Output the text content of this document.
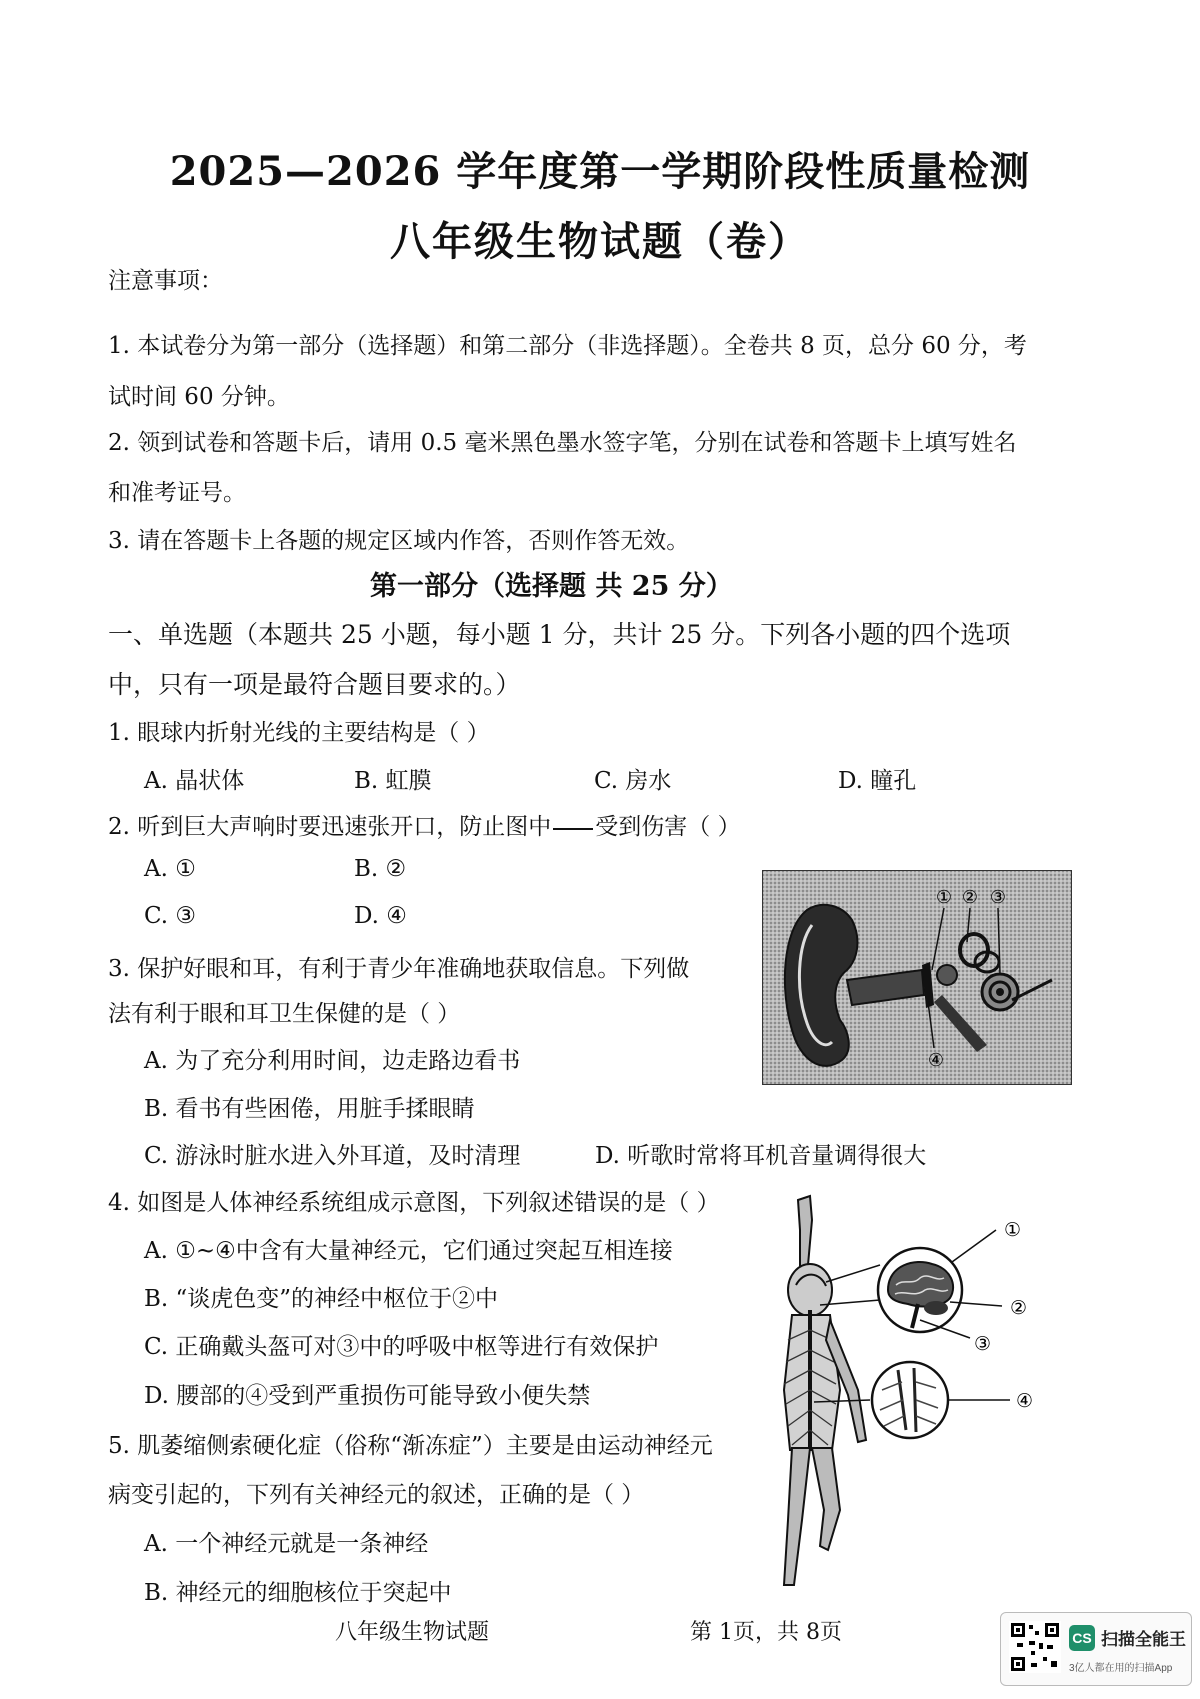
2025—2026 学年度第一学期阶段性质量检测
八年级生物试题（卷）
注意事项：
1. 本试卷分为第一部分（选择题）和第二部分（非选择题）。全卷共 8 页，总分 60 分，考
试时间 60 分钟。
2. 领到试卷和答题卡后，请用 0.5 毫米黑色墨水签字笔，分别在试卷和答题卡上填写姓名
和准考证号。
3. 请在答题卡上各题的规定区域内作答，否则作答无效。
第一部分（选择题 共 25 分）
一、单选题（本题共 25 小题，每小题 1 分，共计 25 分。下列各小题的四个选项
中，只有一项是最符合题目要求的。）
1. 眼球内折射光线的主要结构是（ ）
A. 晶状体	B. 虹膜	C. 房水	D. 瞳孔
2. 听到巨大声响时要迅速张开口，防止图中 受到伤害（ ）
A. ①	B. ②
C. ③	D. ④
① ② ③
④
3. 保护好眼和耳，有利于青少年准确地获取信息。下列做
法有利于眼和耳卫生保健的是（ ）
A. 为了充分利用时间，边走路边看书
B. 看书有些困倦，用脏手揉眼睛
C. 游泳时脏水进入外耳道，及时清理	D. 听歌时常将耳机音量调得很大
4. 如图是人体神经系统组成示意图，下列叙述错误的是（ ）
A. ①~④中含有大量神经元，它们通过突起互相连接
B. “谈虎色变”的神经中枢位于②中
C. 正确戴头盔可对③中的呼吸中枢等进行有效保护
D. 腰部的④受到严重损伤可能导致小便失禁
①
②
③
④
5. 肌萎缩侧索硬化症（俗称“渐冻症”）主要是由运动神经元
病变引起的，下列有关神经元的叙述，正确的是（ ）
A. 一个神经元就是一条神经
B. 神经元的细胞核位于突起中
八年级生物试题	第 1页，共 8页	CS 扫描全能王
3亿人都在用的扫描App
